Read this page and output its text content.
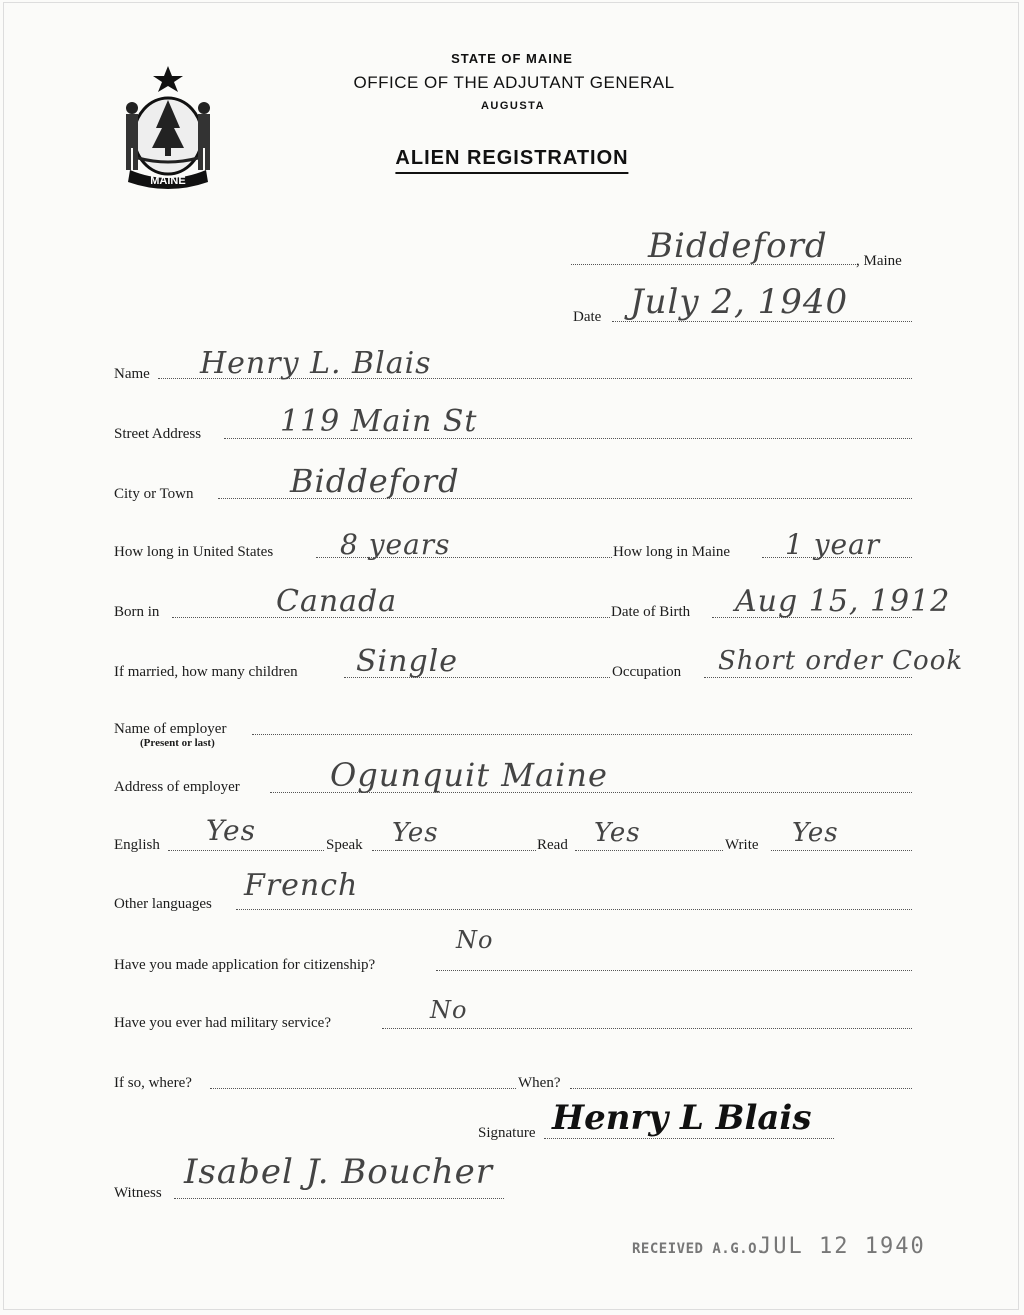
MAINE
STATE OF MAINE
OFFICE OF THE ADJUTANT GENERAL
AUGUSTA
ALIEN REGISTRATION
Biddeford , Maine
Date July 2, 1940
Name Henry L. Blais
Street Address	119 Main St
City or Town	Biddeford
How long in United States 8 years	How long in Maine 1 year
Born in	Canada	Date of Birth Aug 15, 1912
If married, how many children Single	Occupation Short order Cook
Name of employer
(Present or last)
Address of employer	Ogunquit Maine
English Yes	Speak Yes	Read Yes	Write Yes
Other languages
French
Have you made application for citizenship?
No
Have you ever had military service?	No
If so, where?	When?
Signature Henry L Blais
Witness
Isabel J. Boucher
RECEIVED A.G.O.
JUL 12 1940
